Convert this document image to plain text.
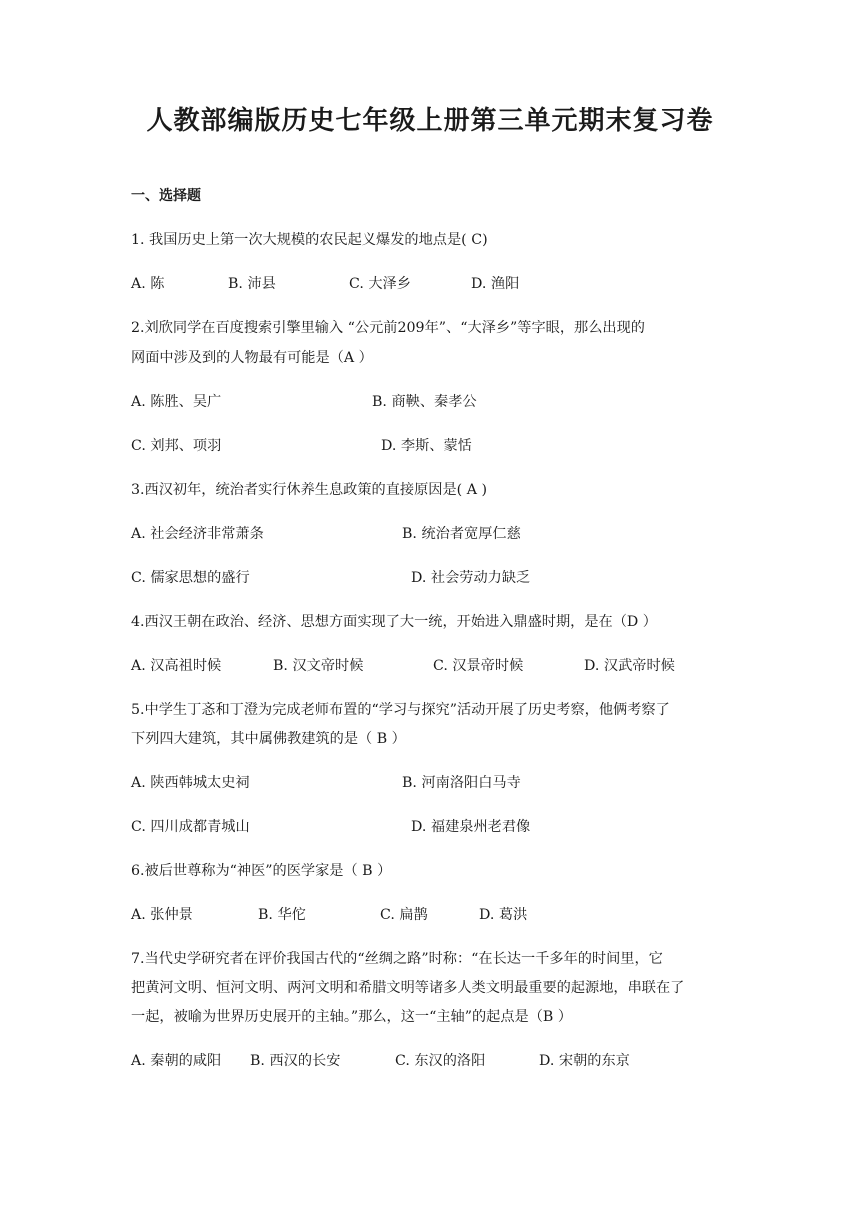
人教部编版历史七年级上册第三单元期末复习卷
一、选择题
1. 我国历史上第一次大规模的农民起义爆发的地点是( C)
A. 陈	B. 沛县	C. 大泽乡	D. 渔阳
2.刘欣同学在百度搜索引擎里输入 “公元前209年”、“大泽乡”等字眼，那么出现的
网面中涉及到的人物最有可能是（A ）
A. 陈胜、吴广	B. 商鞅、秦孝公
C. 刘邦、项羽	D. 李斯、蒙恬
3.西汉初年，统治者实行休养生息政策的直接原因是( A )
A. 社会经济非常萧条	B. 统治者宽厚仁慈
C. 儒家思想的盛行	D. 社会劳动力缺乏
4.西汉王朝在政治、经济、思想方面实现了大一统，开始进入鼎盛时期，是在（D ）
A. 汉高祖时候	B. 汉文帝时候	C. 汉景帝时候	D. 汉武帝时候
5.中学生丁忞和丁澄为完成老师布置的“学习与探究”活动开展了历史考察，他俩考察了
下列四大建筑，其中属佛教建筑的是（ B ）
A. 陕西韩城太史祠	B. 河南洛阳白马寺
C. 四川成都青城山	D. 福建泉州老君像
6.被后世尊称为“神医”的医学家是（ B ）
A. 张仲景	B. 华佗	C. 扁鹊	D. 葛洪
7.当代史学研究者在评价我国古代的“丝绸之路”时称：“在长达一千多年的时间里，它
把黄河文明、恒河文明、两河文明和希腊文明等诸多人类文明最重要的起源地，串联在了
一起，被喻为世界历史展开的主轴。”那么，这一“主轴”的起点是（B ）
A. 秦朝的咸阳 B. 西汉的长安	C. 东汉的洛阳	D. 宋朝的东京
